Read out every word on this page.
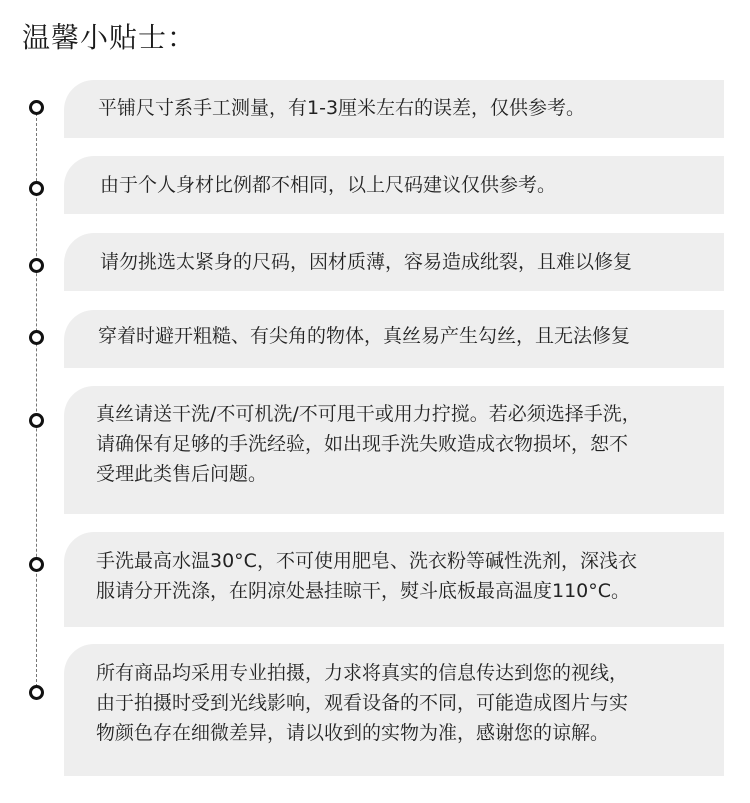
温馨小贴士：
平铺尺寸系手工测量，有1-3厘米左右的误差，仅供参考。
由于个人身材比例都不相同，以上尺码建议仅供参考。
请勿挑选太紧身的尺码，因材质薄，容易造成纰裂，且难以修复
穿着时避开粗糙、有尖角的物体，真丝易产生勾丝，且无法修复
真丝请送干洗/不可机洗/不可甩干或用力拧搅。若必须选择手洗，
请确保有足够的手洗经验，如出现手洗失败造成衣物损坏，恕不
受理此类售后问题。
手洗最高水温30°C，不可使用肥皂、洗衣粉等碱性洗剂，深浅衣
服请分开洗涤，在阴凉处悬挂晾干，熨斗底板最高温度110°C。
所有商品均采用专业拍摄，力求将真实的信息传达到您的视线，
由于拍摄时受到光线影响，观看设备的不同，可能造成图片与实
物颜色存在细微差异，请以收到的实物为准，感谢您的谅解。
